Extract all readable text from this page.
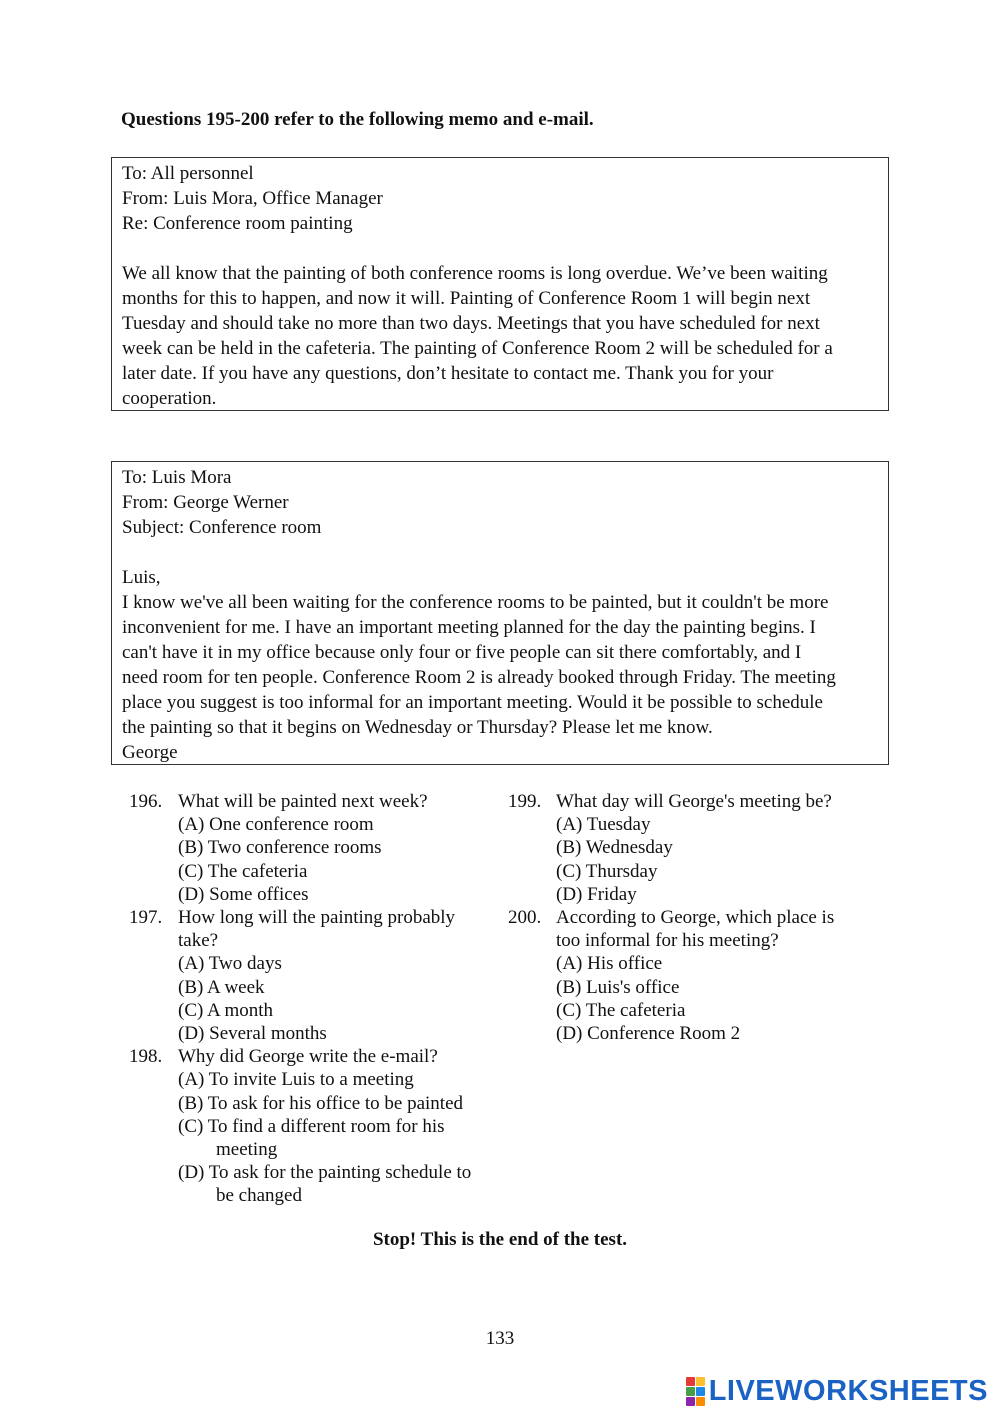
Questions 195-200 refer to the following memo and e-mail.
To: All personnel
From: Luis Mora, Office Manager
Re: Conference room painting
We all know that the painting of both conference rooms is long overdue. We’ve been waiting
months for this to happen, and now it will. Painting of Conference Room 1 will begin next
Tuesday and should take no more than two days. Meetings that you have scheduled for next
week can be held in the cafeteria. The painting of Conference Room 2 will be scheduled for a
later date. If you have any questions, don’t hesitate to contact me. Thank you for your
cooperation.
To: Luis Mora
From: George Werner
Subject: Conference room
Luis,
I know we've all been waiting for the conference rooms to be painted, but it couldn't be more
inconvenient for me. I have an important meeting planned for the day the painting begins. I
can't have it in my office because only four or five people can sit there comfortably, and I
need room for ten people. Conference Room 2 is already booked through Friday. The meeting
place you suggest is too informal for an important meeting. Would it be possible to schedule
the painting so that it begins on Wednesday or Thursday? Please let me know.
George
196. What will be painted next week?
(A) One conference room
(B) Two conference rooms
(C) The cafeteria
(D) Some offices
197. How long will the painting probably
take?
(A) Two days
(B) A week
(C) A month
(D) Several months
198. Why did George write the e-mail?
(A) To invite Luis to a meeting
(B) To ask for his office to be painted
(C) To find a different room for his
meeting
(D) To ask for the painting schedule to
be changed
199. What day will George's meeting be?
(A) Tuesday
(B) Wednesday
(C) Thursday
(D) Friday
200. According to George, which place is
too informal for his meeting?
(A) His office
(B) Luis's office
(C) The cafeteria
(D) Conference Room 2
Stop! This is the end of the test.
133
LIVEWORKSHEETS
